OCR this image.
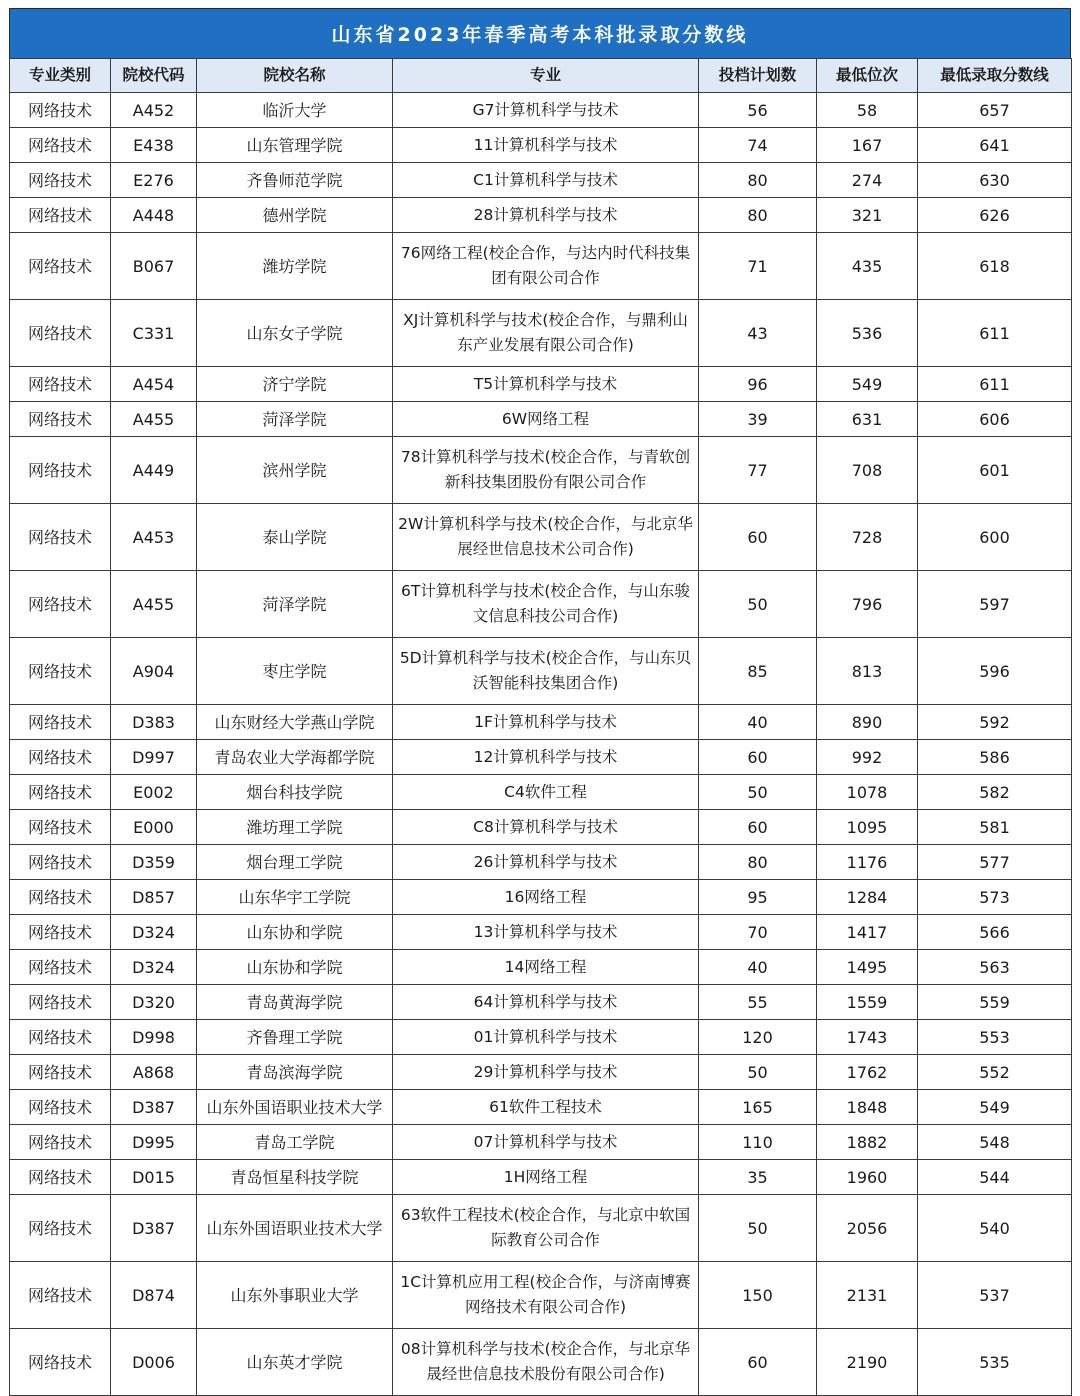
山东省2023年春季高考本科批录取分数线
专业类别	院校代码	院校名称	专业	投档计划数	最低位次	最低录取分数线
网络技术	A452	临沂大学	G7计算机科学与技术	56	58	657
网络技术	E438	山东管理学院	11计算机科学与技术	74	167	641
网络技术	E276	齐鲁师范学院	C1计算机科学与技术	80	274	630
网络技术	A448	德州学院	28计算机科学与技术	80	321	626
网络技术	B067	潍坊学院	76网络工程(校企合作，与达内时代科技集团有限公司合作	71	435	618
网络技术	C331	山东女子学院	XJ计算机科学与技术(校企合作，与鼎利山东产业发展有限公司合作)	43	536	611
网络技术	A454	济宁学院	T5计算机科学与技术	96	549	611
网络技术	A455	菏泽学院	6W网络工程	39	631	606
网络技术	A449	滨州学院	78计算机科学与技术(校企合作，与青软创新科技集团股份有限公司合作	77	708	601
网络技术	A453	泰山学院	2W计算机科学与技术(校企合作，与北京华展经世信息技术公司合作)	60	728	600
网络技术	A455	菏泽学院	6T计算机科学与技术(校企合作，与山东骏文信息科技公司合作)	50	796	597
网络技术	A904	枣庄学院	5D计算机科学与技术(校企合作，与山东贝沃智能科技集团合作)	85	813	596
网络技术	D383	山东财经大学燕山学院	1F计算机科学与技术	40	890	592
网络技术	D997	青岛农业大学海都学院	12计算机科学与技术	60	992	586
网络技术	E002	烟台科技学院	C4软件工程	50	1078	582
网络技术	E000	潍坊理工学院	C8计算机科学与技术	60	1095	581
网络技术	D359	烟台理工学院	26计算机科学与技术	80	1176	577
网络技术	D857	山东华宇工学院	16网络工程	95	1284	573
网络技术	D324	山东协和学院	13计算机科学与技术	70	1417	566
网络技术	D324	山东协和学院	14网络工程	40	1495	563
网络技术	D320	青岛黄海学院	64计算机科学与技术	55	1559	559
网络技术	D998	齐鲁理工学院	01计算机科学与技术	120	1743	553
网络技术	A868	青岛滨海学院	29计算机科学与技术	50	1762	552
网络技术	D387	山东外国语职业技术大学	61软件工程技术	165	1848	549
网络技术	D995	青岛工学院	07计算机科学与技术	110	1882	548
网络技术	D015	青岛恒星科技学院	1H网络工程	35	1960	544
网络技术	D387	山东外国语职业技术大学	63软件工程技术(校企合作，与北京中软国际教育公司合作	50	2056	540
网络技术	D874	山东外事职业大学	1C计算机应用工程(校企合作，与济南博赛网络技术有限公司合作)	150	2131	537
网络技术	D006	山东英才学院	08计算机科学与技术(校企合作，与北京华晟经世信息技术股份有限公司合作)	60	2190	535
